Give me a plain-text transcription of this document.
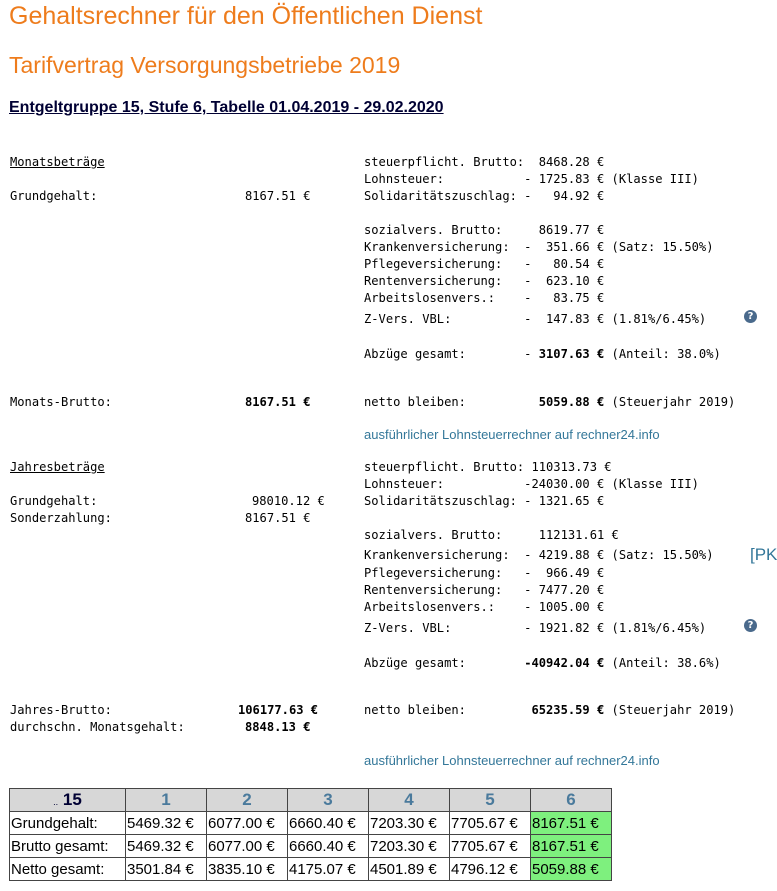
Gehaltsrechner für den Öffentlichen Dienst
Tarifvertrag Versorgungsbetriebe 2019
Entgeltgruppe 15, Stufe 6, Tabelle 01.04.2019 - 29.02.2020
Monatsbeträge
Grundgehalt:	8167.51 €
Monats-Brutto:	8167.51 €
steuerpflicht. Brutto:  8468.28 €
Lohnsteuer:           - 1725.83 € (Klasse III)
Solidaritätszuschlag: -   94.92 €
sozialvers. Brutto:     8619.77 €
Krankenversicherung:  -  351.66 € (Satz: 15.50%)
Pflegeversicherung:   -   80.54 €
Rentenversicherung:   -  623.10 €
Arbeitslosenvers.:    -   83.75 €
Z-Vers. VBL:          -  147.83 € (1.81%/6.45%)	?
Abzüge gesamt:        - 3107.63 € (Anteil: 38.0%)
netto bleiben:          5059.88 € (Steuerjahr 2019)
ausführlicher Lohnsteuerrechner auf rechner24.info
Jahresbeträge
Grundgehalt:	98010.12 €
Sonderzahlung:	8167.51 €
Jahres-Brutto:	106177.63 €
durchschn. Monatsgehalt:	8848.13 €
steuerpflicht. Brutto: 110313.73 €
Lohnsteuer:           -24030.00 € (Klasse III)
Solidaritätszuschlag: - 1321.65 €
sozialvers. Brutto:     112131.61 €
Krankenversicherung:  - 4219.88 € (Satz: 15.50%) [PK
Pflegeversicherung:   -  966.49 €
Rentenversicherung:   - 7477.20 €
Arbeitslosenvers.:    - 1005.00 €
Z-Vers. VBL:          - 1921.82 € (1.81%/6.45%)	?
Abzüge gesamt:        -40942.04 € (Anteil: 38.6%)
netto bleiben:         65235.59 € (Steuerjahr 2019)
ausführlicher Lohnsteuerrechner auf rechner24.info
.. 15	1	2	3	4	5	6
Grundgehalt:	5469.32 €	6077.00 €	6660.40 €	7203.30 €	7705.67 €	8167.51 €
Brutto gesamt:	5469.32 €	6077.00 €	6660.40 €	7203.30 €	7705.67 €	8167.51 €
Netto gesamt:	3501.84 €	3835.10 €	4175.07 €	4501.89 €	4796.12 €	5059.88 €
